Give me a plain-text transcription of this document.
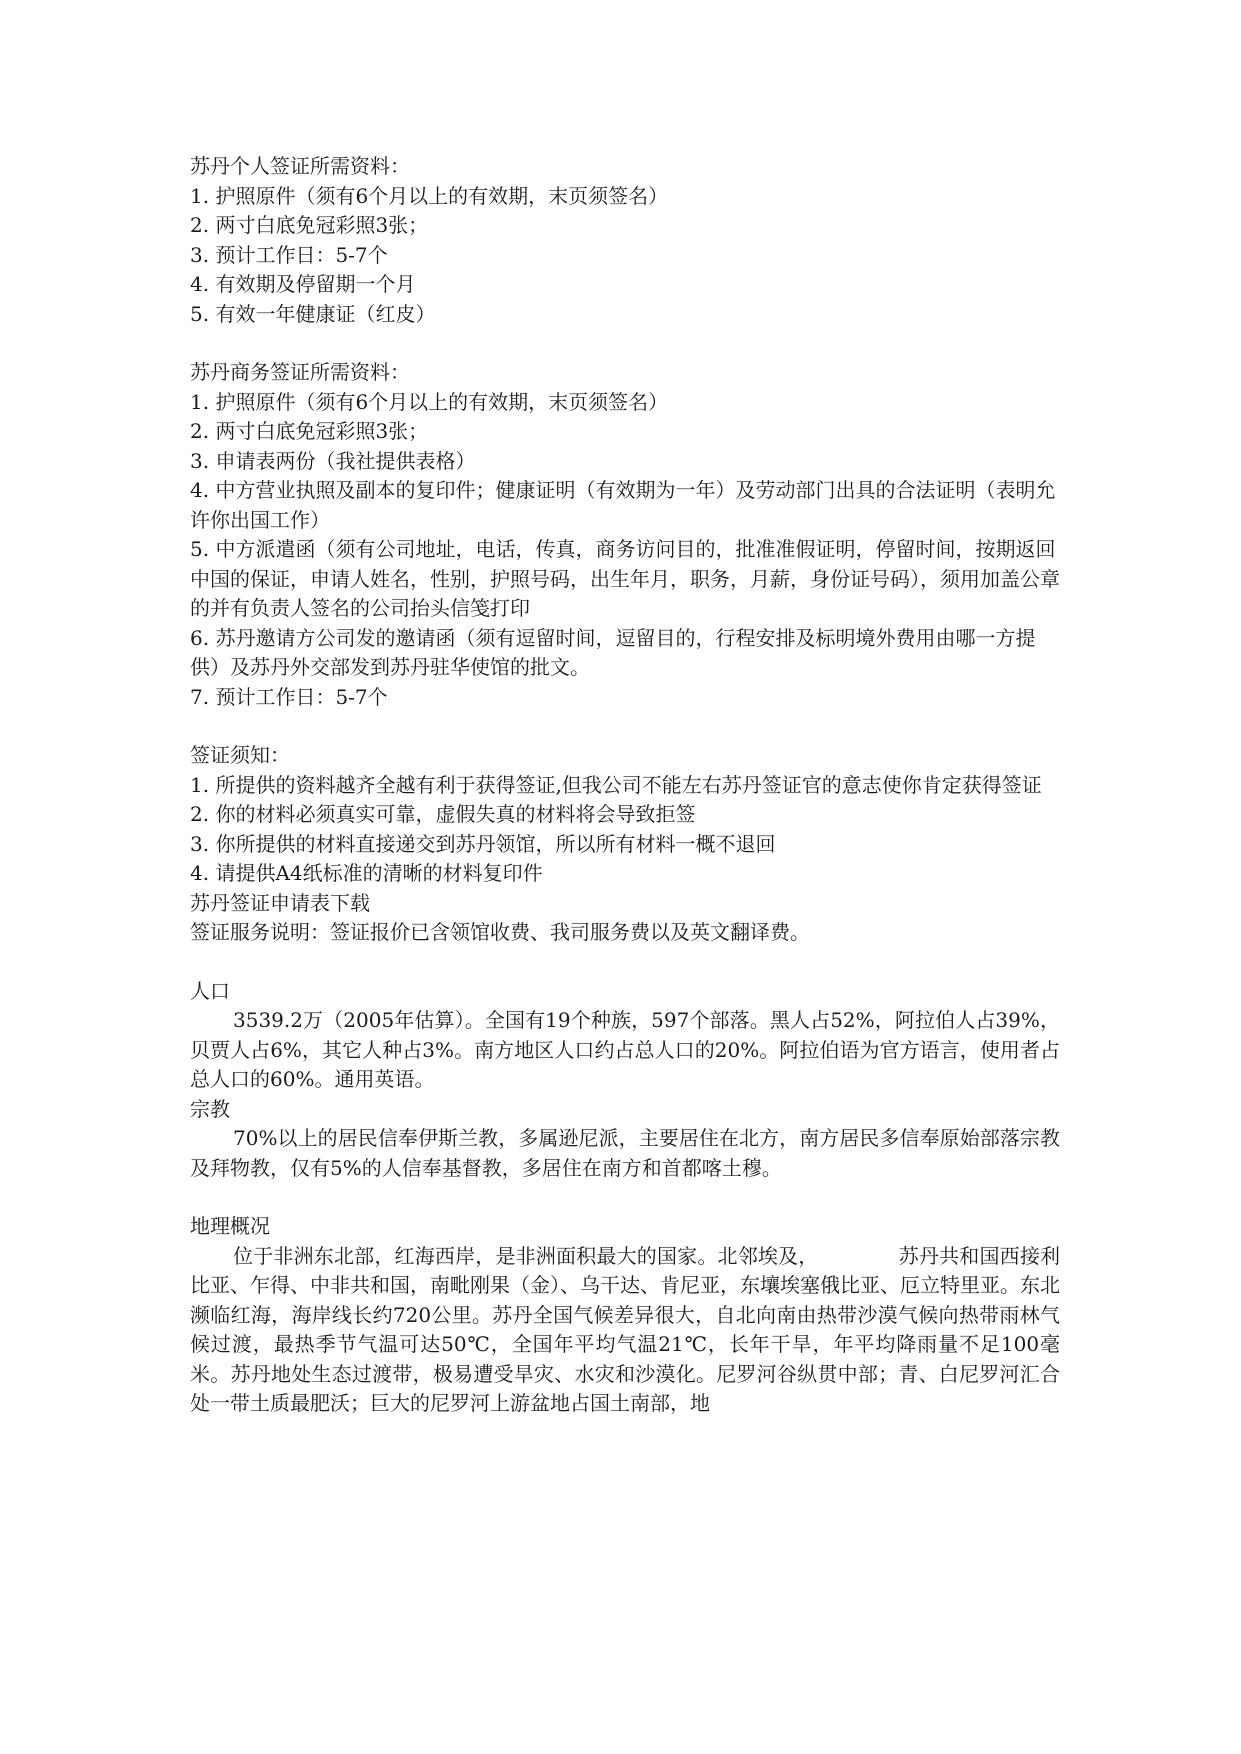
苏丹个人签证所需资料：
1. 护照原件（须有6个月以上的有效期，末页须签名）
2. 两寸白底免冠彩照3张；
3. 预计工作日：5-7个
4. 有效期及停留期一个月
5. 有效一年健康证（红皮）
苏丹商务签证所需资料：
1. 护照原件（须有6个月以上的有效期，末页须签名）
2. 两寸白底免冠彩照3张；
3. 申请表两份（我社提供表格）
4. 中方营业执照及副本的复印件；健康证明（有效期为一年）及劳动部门出具的合法证明（表明允许你出国工作）
5. 中方派遣函（须有公司地址，电话，传真，商务访问目的，批准准假证明，停留时间，按期返回中国的保证，申请人姓名，性别，护照号码，出生年月，职务，月薪，身份证号码），须用加盖公章的并有负责人签名的公司抬头信笺打印
6. 苏丹邀请方公司发的邀请函（须有逗留时间，逗留目的，行程安排及标明境外费用由哪一方提供）及苏丹外交部发到苏丹驻华使馆的批文。
7. 预计工作日：5-7个
签证须知：
1. 所提供的资料越齐全越有利于获得签证,但我公司不能左右苏丹签证官的意志使你肯定获得签证
2. 你的材料必须真实可靠，虚假失真的材料将会导致拒签
3. 你所提供的材料直接递交到苏丹领馆，所以所有材料一概不退回
4. 请提供A4纸标准的清晰的材料复印件
苏丹签证申请表下载
签证服务说明：签证报价已含领馆收费、我司服务费以及英文翻译费。
人口
3539.2万（2005年估算）。全国有19个种族，597个部落。黑人占52%，阿拉伯人占39%，贝贾人占6%，其它人种占3%。南方地区人口约占总人口的20%。阿拉伯语为官方语言，使用者占总人口的60%。通用英语。
宗教
70%以上的居民信奉伊斯兰教，多属逊尼派，主要居住在北方，南方居民多信奉原始部落宗教及拜物教，仅有5%的人信奉基督教，多居住在南方和首都喀土穆。
地理概况
位于非洲东北部，红海西岸，是非洲面积最大的国家。北邻埃及，	苏丹共和国西接利比亚、乍得、中非共和国，南毗刚果（金）、乌干达、肯尼亚，东壤埃塞俄比亚、厄立特里亚。东北濒临红海，海岸线长约720公里。苏丹全国气候差异很大，自北向南由热带沙漠气候向热带雨林气候过渡，最热季节气温可达50℃，全国年平均气温21℃，长年干旱，年平均降雨量不足100毫米。苏丹地处生态过渡带，极易遭受旱灾、水灾和沙漠化。尼罗河谷纵贯中部；青、白尼罗河汇合处一带土质最肥沃；巨大的尼罗河上游盆地占国土南部，地
